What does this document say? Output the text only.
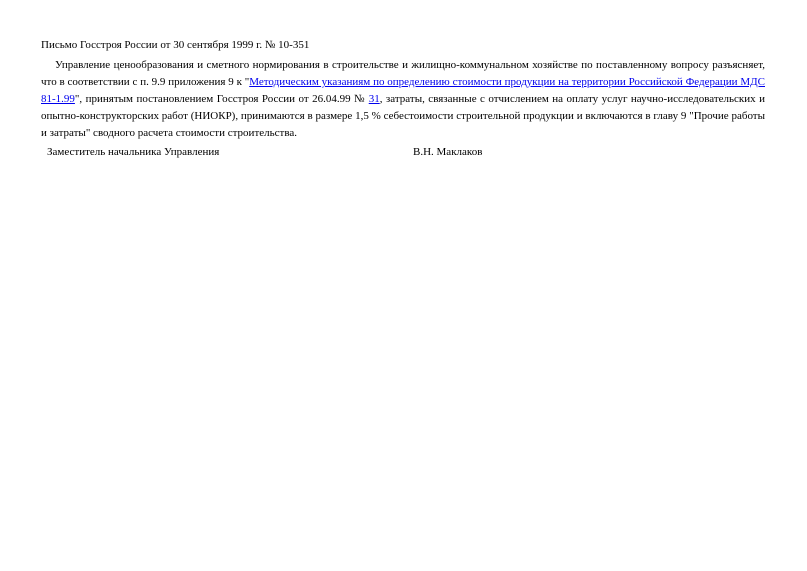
Письмо Госстроя России от 30 сентября 1999 г. № 10-351

Управление ценообразования и сметного нормирования в строительстве и жилищно-коммунальном хозяйстве по поставленному вопросу разъясняет, что в соответствии с п. 9.9 приложения 9 к "Методическим указаниям по определению стоимости продукции на территории Российской Федерации МДС 81-1.99", принятым постановлением Госстроя России от 26.04.99 № 31, затраты, связанные с отчислением на оплату услуг научно-исследовательских и опытно-конструкторских работ (НИОКР), принимаются в размере 1,5 % себестоимости строительной продукции и включаются в главу 9 "Прочие работы и затраты" сводного расчета стоимости строительства.

Заместитель начальника Управления	В.Н. Маклаков
